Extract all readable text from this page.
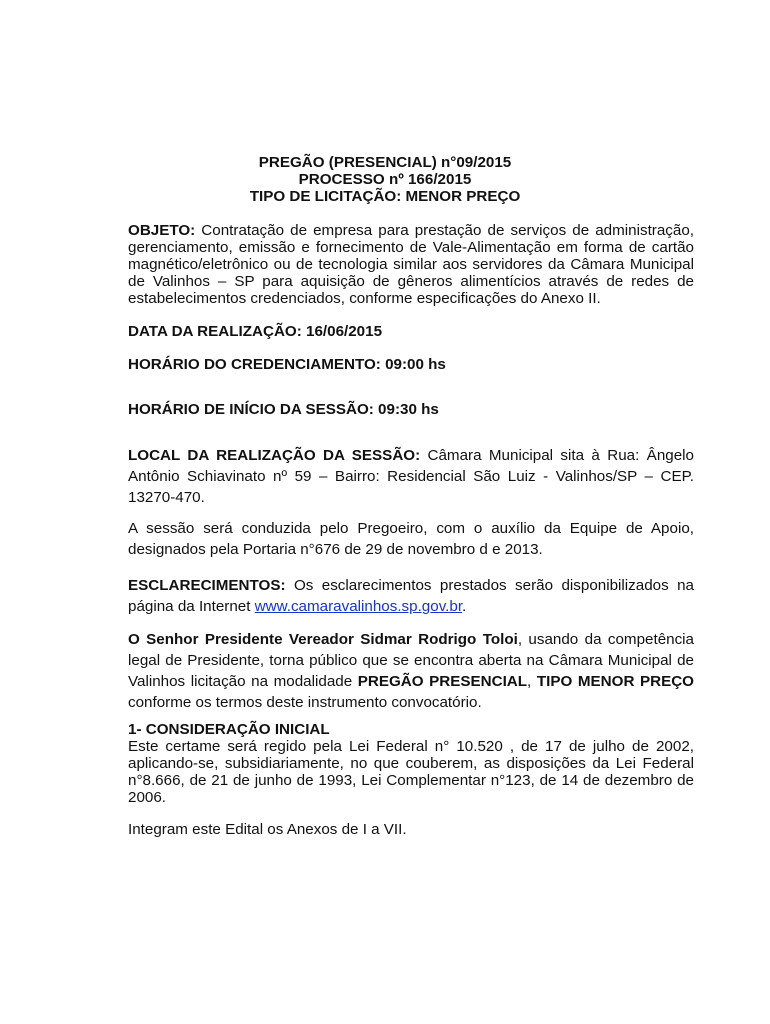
PREGÃO (PRESENCIAL) n°09/2015
PROCESSO nº 166/2015
TIPO DE LICITAÇÃO: MENOR PREÇO
OBJETO: Contratação de empresa para prestação de serviços de administração, gerenciamento, emissão e fornecimento de Vale-Alimentação em forma de cartão magnético/eletrônico ou de tecnologia similar aos servidores da Câmara Municipal de Valinhos – SP para aquisição de gêneros alimentícios através de redes de estabelecimentos credenciados, conforme especificações do Anexo II.
DATA DA REALIZAÇÃO: 16/06/2015
HORÁRIO DO CREDENCIAMENTO: 09:00 hs
HORÁRIO DE INÍCIO DA SESSÃO: 09:30 hs
LOCAL DA REALIZAÇÃO DA SESSÃO: Câmara Municipal sita à Rua: Ângelo Antônio Schiavinato nº 59 – Bairro: Residencial São Luiz - Valinhos/SP – CEP. 13270-470.
A sessão será conduzida pelo Pregoeiro, com o auxílio da Equipe de Apoio, designados pela Portaria n°676 de 29 de novembro d e 2013.
ESCLARECIMENTOS: Os esclarecimentos prestados serão disponibilizados na página da Internet www.camaravalinhos.sp.gov.br.
O Senhor Presidente Vereador Sidmar Rodrigo Toloi, usando da competência legal de Presidente, torna público que se encontra aberta na Câmara Municipal de Valinhos licitação na modalidade PREGÃO PRESENCIAL, TIPO MENOR PREÇO conforme os termos deste instrumento convocatório.
1- CONSIDERAÇÃO INICIAL
Este certame será regido pela Lei Federal n° 10.520 , de 17 de julho de 2002, aplicando-se, subsidiariamente, no que couberem, as disposições da Lei Federal n°8.666, de 21 de junho de 1993, Lei Complementar n°123, de 14 de dezembro de 2006.
Integram este Edital os Anexos de I a VII.
